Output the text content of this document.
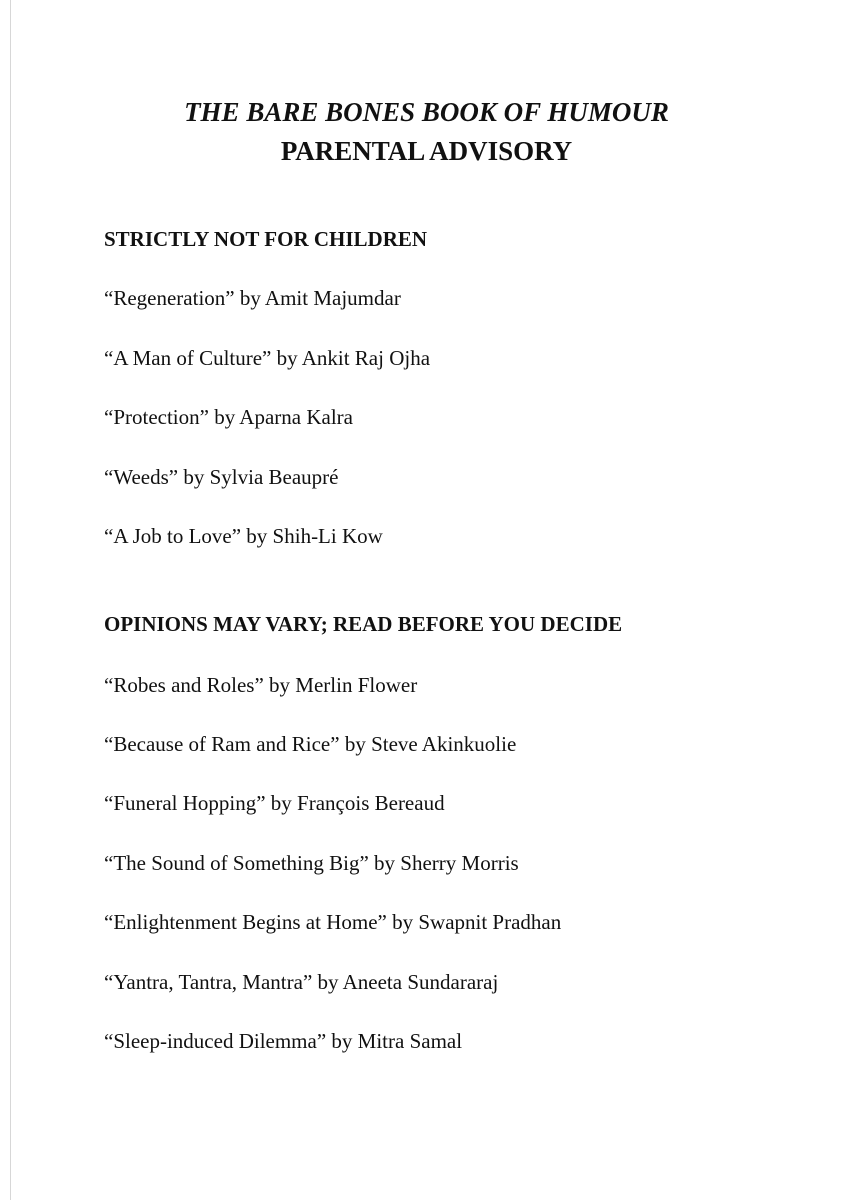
THE BARE BONES BOOK OF HUMOUR
PARENTAL ADVISORY
STRICTLY NOT FOR CHILDREN
“Regeneration” by Amit Majumdar
“A Man of Culture” by Ankit Raj Ojha
“Protection” by Aparna Kalra
“Weeds” by Sylvia Beaupré
“A Job to Love” by Shih-Li Kow
OPINIONS MAY VARY; READ BEFORE YOU DECIDE
“Robes and Roles” by Merlin Flower
“Because of Ram and Rice” by Steve Akinkuolie
“Funeral Hopping” by François Bereaud
“The Sound of Something Big” by Sherry Morris
“Enlightenment Begins at Home” by Swapnit Pradhan
“Yantra, Tantra, Mantra” by Aneeta Sundararaj
“Sleep-induced Dilemma” by Mitra Samal
